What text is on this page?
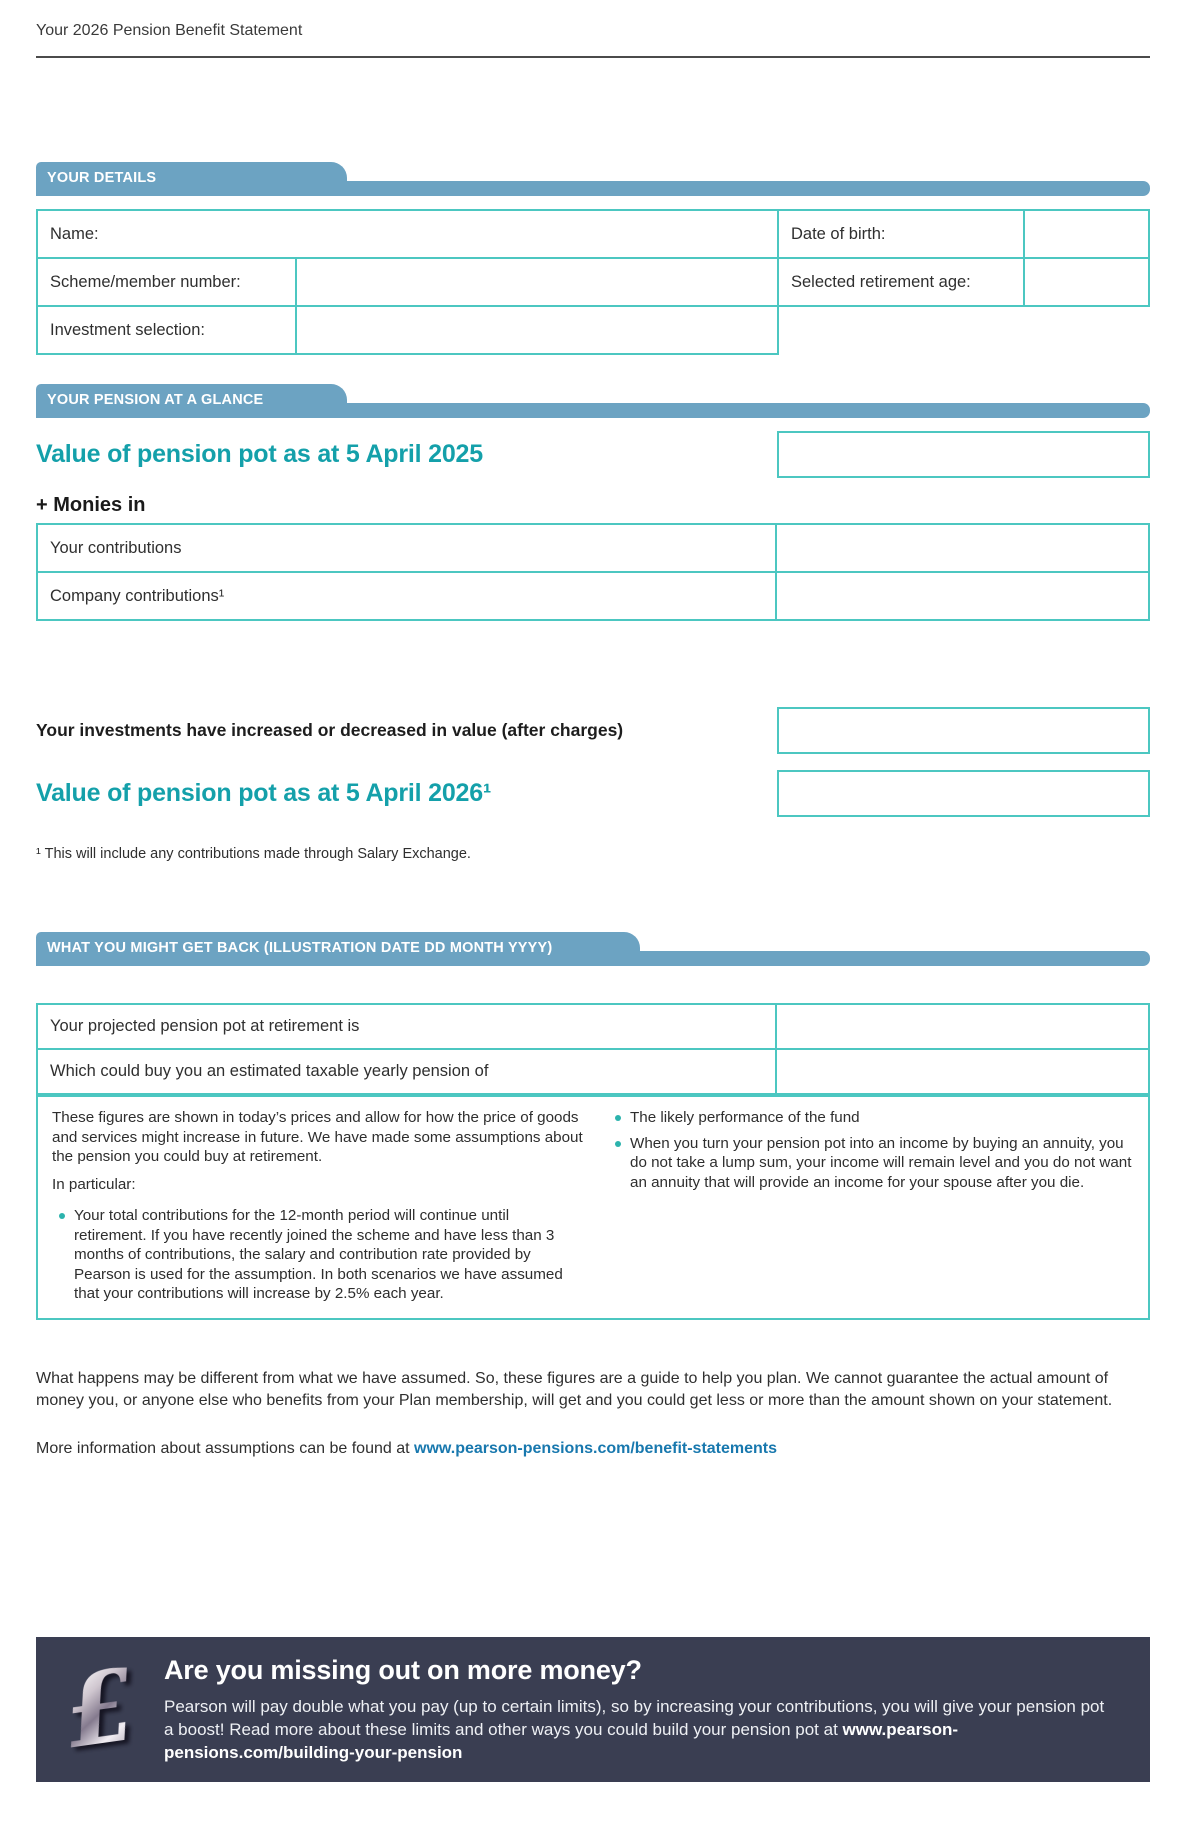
Your 2026 Pension Benefit Statement
YOUR DETAILS
Name:	Date of birth:
Scheme/member number:	Selected retirement age:
Investment selection:
YOUR PENSION AT A GLANCE
Value of pension pot as at 5 April 2025
+ Monies in
Your contributions
Company contributions¹
Your investments have increased or decreased in value (after charges)
Value of pension pot as at 5 April 2026¹
¹ This will include any contributions made through Salary Exchange.
WHAT YOU MIGHT GET BACK (ILLUSTRATION DATE DD MONTH YYYY)
Your projected pension pot at retirement is
Which could buy you an estimated taxable yearly pension of

These figures are shown in today’s prices and allow for how the price of goods and services might increase in future. We have made some assumptions about the pension you could buy at retirement.

In particular:

Your total contributions for the 12-month period will continue until retirement. If you have recently joined the scheme and have less than 3 months of contributions, the salary and contribution rate provided by Pearson is used for the assumption. In both scenarios we have assumed that your contributions will increase by 2.5% each year.
The likely performance of the fund
When you turn your pension pot into an income by buying an annuity, you do not take a lump sum, your income will remain level and you do not want an annuity that will provide an income for your spouse after you die.
What happens may be different from what we have assumed. So, these figures are a guide to help you plan. We cannot guarantee the actual amount of money you, or anyone else who benefits from your Plan membership, will get and you could get less or more than the amount shown on your statement.
More information about assumptions can be found at www.pearson-pensions.com/benefit-statements
£ Are you missing out on more money?
Pearson will pay double what you pay (up to certain limits), so by increasing your contributions, you will give your pension pot a boost! Read more about these limits and other ways you could build your pension pot at www.pearson-pensions.com/building-your-pension
